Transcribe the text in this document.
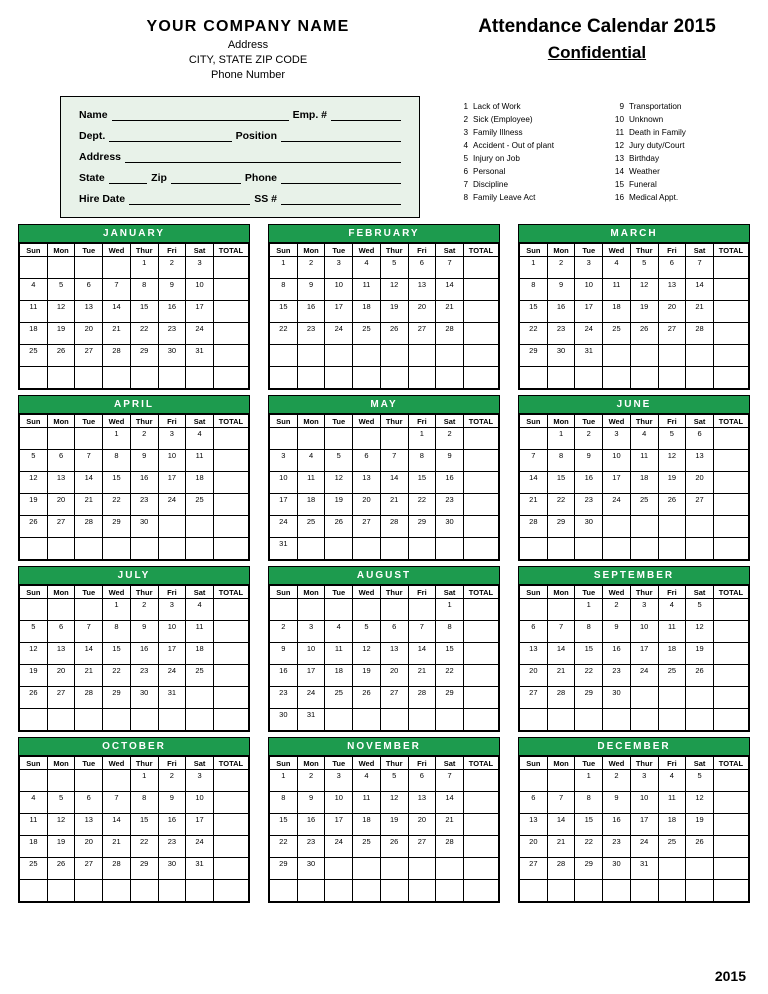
YOUR COMPANY NAME
Address
CITY, STATE ZIP CODE
Phone Number
Attendance Calendar 2015
Confidential
Name	Emp. #
Dept.	Position
Address
State	Zip	Phone
Hire Date	SS #
1 Lack of Work	9 Transportation
2 Sick (Employee)	10 Unknown
3 Family Illness	11 Death in Family
4 Accident - Out of plant	12 Jury duty/Court
5 Injury on Job	13 Birthday
6 Personal	14 Weather
7 Discipline	15 Funeral
8 Family Leave Act	16 Medical Appt.
JANUARY
Sun	Mon	Tue	Wed	Thur	Fri	Sat	TOTAL
				1	2	3	
4	5	6	7	8	9	10	
11	12	13	14	15	16	17	
18	19	20	21	22	23	24	
25	26	27	28	29	30	31	

FEBRUARY
Sun	Mon	Tue	Wed	Thur	Fri	Sat	TOTAL
1	2	3	4	5	6	7	
8	9	10	11	12	13	14	
15	16	17	18	19	20	21	
22	23	24	25	26	27	28	

MARCH
Sun	Mon	Tue	Wed	Thur	Fri	Sat	TOTAL
1	2	3	4	5	6	7	
8	9	10	11	12	13	14	
15	16	17	18	19	20	21	
22	23	24	25	26	27	28	
29	30	31					

APRIL
Sun	Mon	Tue	Wed	Thur	Fri	Sat	TOTAL
			1	2	3	4	
5	6	7	8	9	10	11	
12	13	14	15	16	17	18	
19	20	21	22	23	24	25	
26	27	28	29	30			

MAY
Sun	Mon	Tue	Wed	Thur	Fri	Sat	TOTAL
					1	2	
3	4	5	6	7	8	9	
10	11	12	13	14	15	16	
17	18	19	20	21	22	23	
24	25	26	27	28	29	30	
31							
JUNE
Sun	Mon	Tue	Wed	Thur	Fri	Sat	TOTAL
	1	2	3	4	5	6	
7	8	9	10	11	12	13	
14	15	16	17	18	19	20	
21	22	23	24	25	26	27	
28	29	30					

JULY
Sun	Mon	Tue	Wed	Thur	Fri	Sat	TOTAL
			1	2	3	4	
5	6	7	8	9	10	11	
12	13	14	15	16	17	18	
19	20	21	22	23	24	25	
26	27	28	29	30	31		

AUGUST
Sun	Mon	Tue	Wed	Thur	Fri	Sat	TOTAL
						1	
2	3	4	5	6	7	8	
9	10	11	12	13	14	15	
16	17	18	19	20	21	22	
23	24	25	26	27	28	29	
30	31						
SEPTEMBER
Sun	Mon	Tue	Wed	Thur	Fri	Sat	TOTAL
		1	2	3	4	5	
6	7	8	9	10	11	12	
13	14	15	16	17	18	19	
20	21	22	23	24	25	26	
27	28	29	30				

OCTOBER
Sun	Mon	Tue	Wed	Thur	Fri	Sat	TOTAL
				1	2	3	
4	5	6	7	8	9	10	
11	12	13	14	15	16	17	
18	19	20	21	22	23	24	
25	26	27	28	29	30	31	

NOVEMBER
Sun	Mon	Tue	Wed	Thur	Fri	Sat	TOTAL
1	2	3	4	5	6	7	
8	9	10	11	12	13	14	
15	16	17	18	19	20	21	
22	23	24	25	26	27	28	
29	30						

DECEMBER
Sun	Mon	Tue	Wed	Thur	Fri	Sat	TOTAL
		1	2	3	4	5	
6	7	8	9	10	11	12	
13	14	15	16	17	18	19	
20	21	22	23	24	25	26	
27	28	29	30	31			

2015
